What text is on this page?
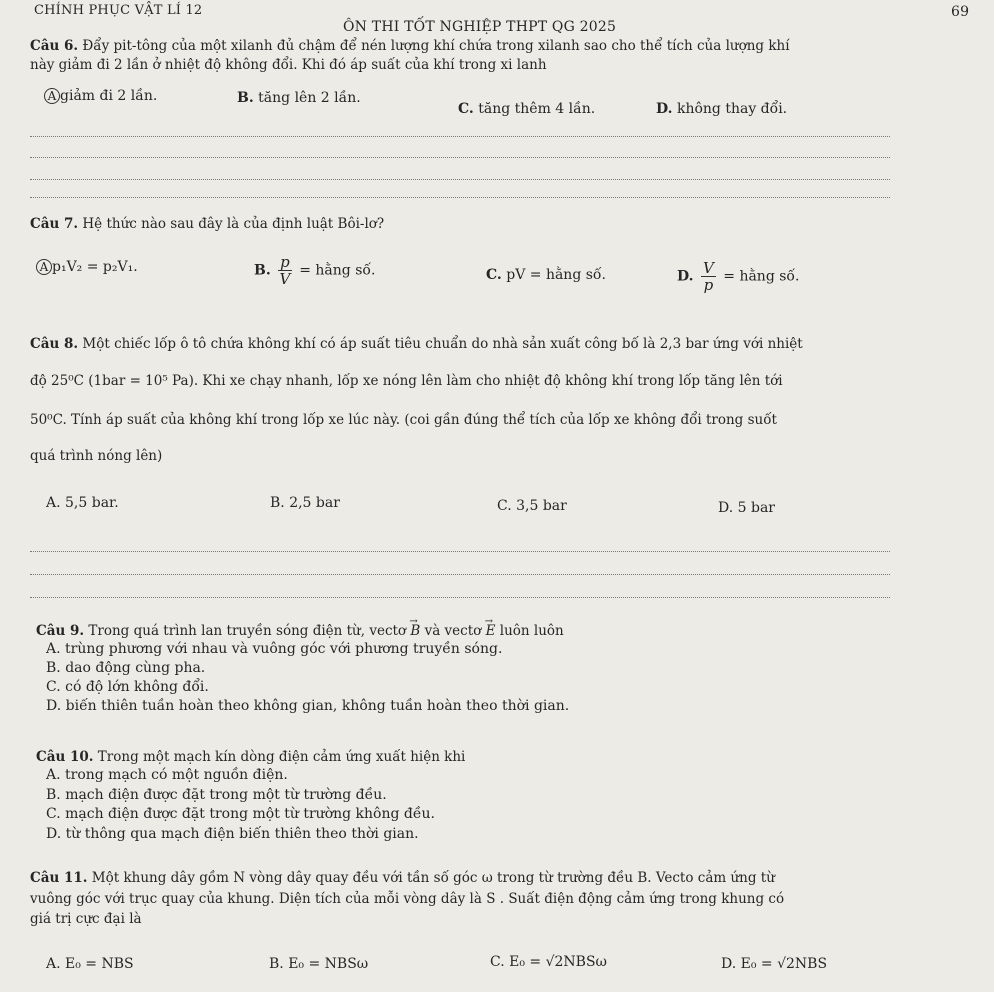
CHÍNH PHỤC VẬT LÍ 12
ÔN THI TỐT NGHIỆP THPT QG 2025
69
Câu 6. Đẩy pit-tông của một xilanh đủ chậm để nén lượng khí chứa trong xilanh sao cho thể tích của lượng khí
này giảm đi 2 lần ở nhiệt độ không đổi. Khi đó áp suất của khí trong xi lanh
A giảm đi 2 lần.	B. tăng lên 2 lần.
C. tăng thêm 4 lần.	D. không thay đổi.
Câu 7. Hệ thức nào sau đây là của định luật Bôi-lơ?
A p₁V₂ = p₂V₁.	B. $\frac{p}{V}$ = hằng số.	C. pV = hằng số.	D. $\frac{V}{p}$ = hằng số.
Câu 8. Một chiếc lốp ô tô chứa không khí có áp suất tiêu chuẩn do nhà sản xuất công bố là 2,3 bar ứng với nhiệt
độ 25⁰C (1bar = 10⁵ Pa). Khi xe chạy nhanh, lốp xe nóng lên làm cho nhiệt độ không khí trong lốp tăng lên tới
50⁰C. Tính áp suất của không khí trong lốp xe lúc này. (coi gần đúng thể tích của lốp xe không đổi trong suốt
quá trình nóng lên)
A. 5,5 bar.	B. 2,5 bar	C. 3,5 bar	D. 5 bar
Câu 9. Trong quá trình lan truyền sóng điện từ, vectơ → B và vectơ → E luôn luôn
A. trùng phương với nhau và vuông góc với phương truyền sóng.
B. dao động cùng pha.
C. có độ lớn không đổi.
D. biến thiên tuần hoàn theo không gian, không tuần hoàn theo thời gian.
Câu 10. Trong một mạch kín dòng điện cảm ứng xuất hiện khi
A. trong mạch có một nguồn điện.
B. mạch điện được đặt trong một từ trường đều.
C. mạch điện được đặt trong một từ trường không đều.
D. từ thông qua mạch điện biến thiên theo thời gian.
Câu 11. Một khung dây gồm N vòng dây quay đều với tần số góc ω trong từ trường đều B. Vecto cảm ứng từ
vuông góc với trục quay của khung. Diện tích của mỗi vòng dây là S . Suất điện động cảm ứng trong khung có
giá trị cực đại là
A. E₀ = NBS	B. E₀ = NBSω	C. E₀ = √2NBSω	D. E₀ = √2NBS
